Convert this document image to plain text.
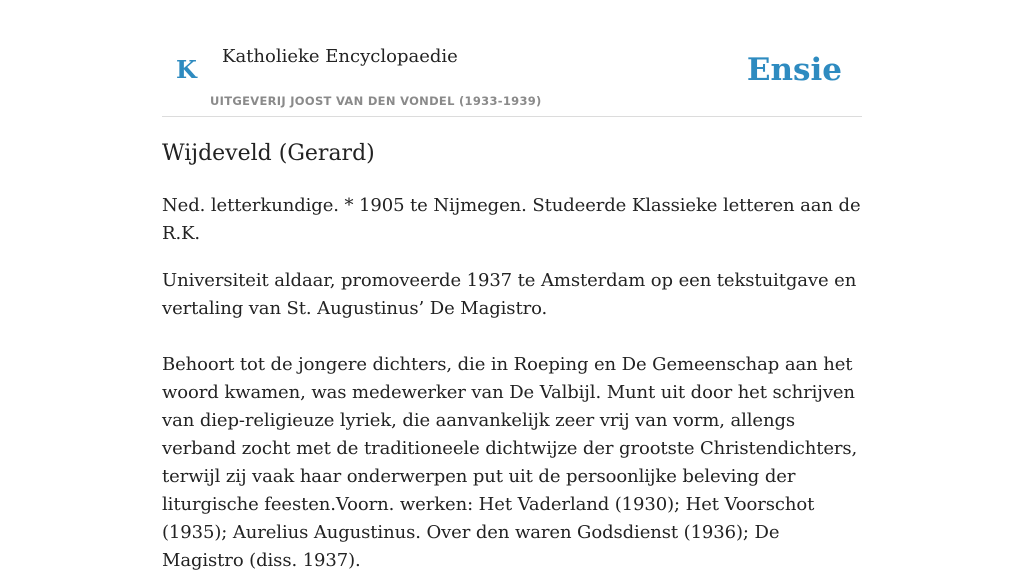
K Katholieke Encyclopaedie
UITGEVERIJ JOOST VAN DEN VONDEL (1933-1939)
Ensie
Wijdeveld (Gerard)

Ned. letterkundige. * 1905 te Nijmegen. Studeerde Klassieke letteren aan de R.K.

Universiteit aldaar, promoveerde 1937 te Amsterdam op een tekstuitgave en vertaling van St. Augustinus’ De Magistro.

Behoort tot de jongere dichters, die in Roeping en De Gemeenschap aan het woord kwamen, was medewerker van De Valbijl. Munt uit door het schrijven van diep-religieuze lyriek, die aanvankelijk zeer vrij van vorm, allengs verband zocht met de traditioneele dichtwijze der grootste Christendichters, terwijl zij vaak haar onderwerpen put uit de persoonlijke beleving der liturgische feesten.Voorn. werken: Het Vaderland (1930); Het Voorschot (1935); Aurelius Augustinus. Over den waren Godsdienst (1936); De Magistro (diss. 1937).
